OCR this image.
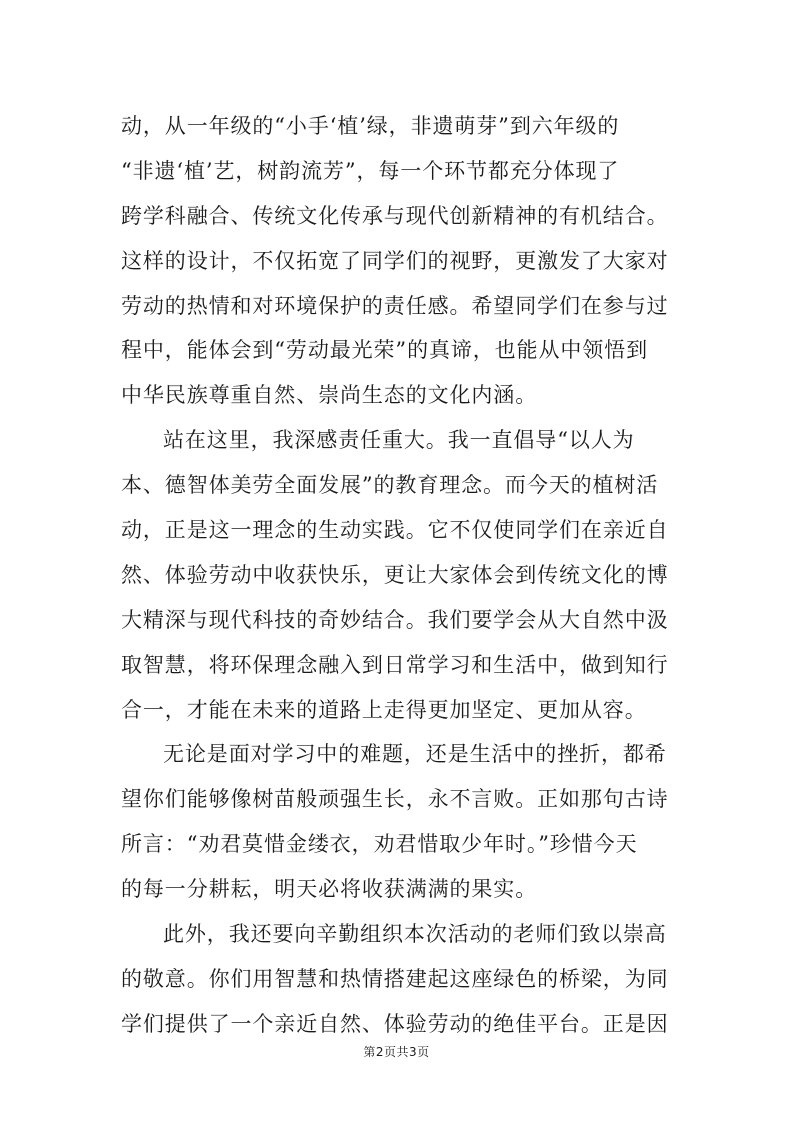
动，从一年级的“小手‘植’绿，非遗萌芽”到六年级的
“非遗‘植’艺，树韵流芳”，每一个环节都充分体现了
跨学科融合、传统文化传承与现代创新精神的有机结合。
这样的设计，不仅拓宽了同学们的视野，更激发了大家对
劳动的热情和对环境保护的责任感。希望同学们在参与过
程中，能体会到“劳动最光荣”的真谛，也能从中领悟到
中华民族尊重自然、崇尚生态的文化内涵。
站在这里，我深感责任重大。我一直倡导“以人为
本、德智体美劳全面发展”的教育理念。而今天的植树活
动，正是这一理念的生动实践。它不仅使同学们在亲近自
然、体验劳动中收获快乐，更让大家体会到传统文化的博
大精深与现代科技的奇妙结合。我们要学会从大自然中汲
取智慧，将环保理念融入到日常学习和生活中，做到知行
合一，才能在未来的道路上走得更加坚定、更加从容。
无论是面对学习中的难题，还是生活中的挫折，都希
望你们能够像树苗般顽强生长，永不言败。正如那句古诗
所言：“劝君莫惜金缕衣，劝君惜取少年时。”珍惜今天
的每一分耕耘，明天必将收获满满的果实。
此外，我还要向辛勤组织本次活动的老师们致以崇高
的敬意。你们用智慧和热情搭建起这座绿色的桥梁，为同
学们提供了一个亲近自然、体验劳动的绝佳平台。正是因
第2页共3页
